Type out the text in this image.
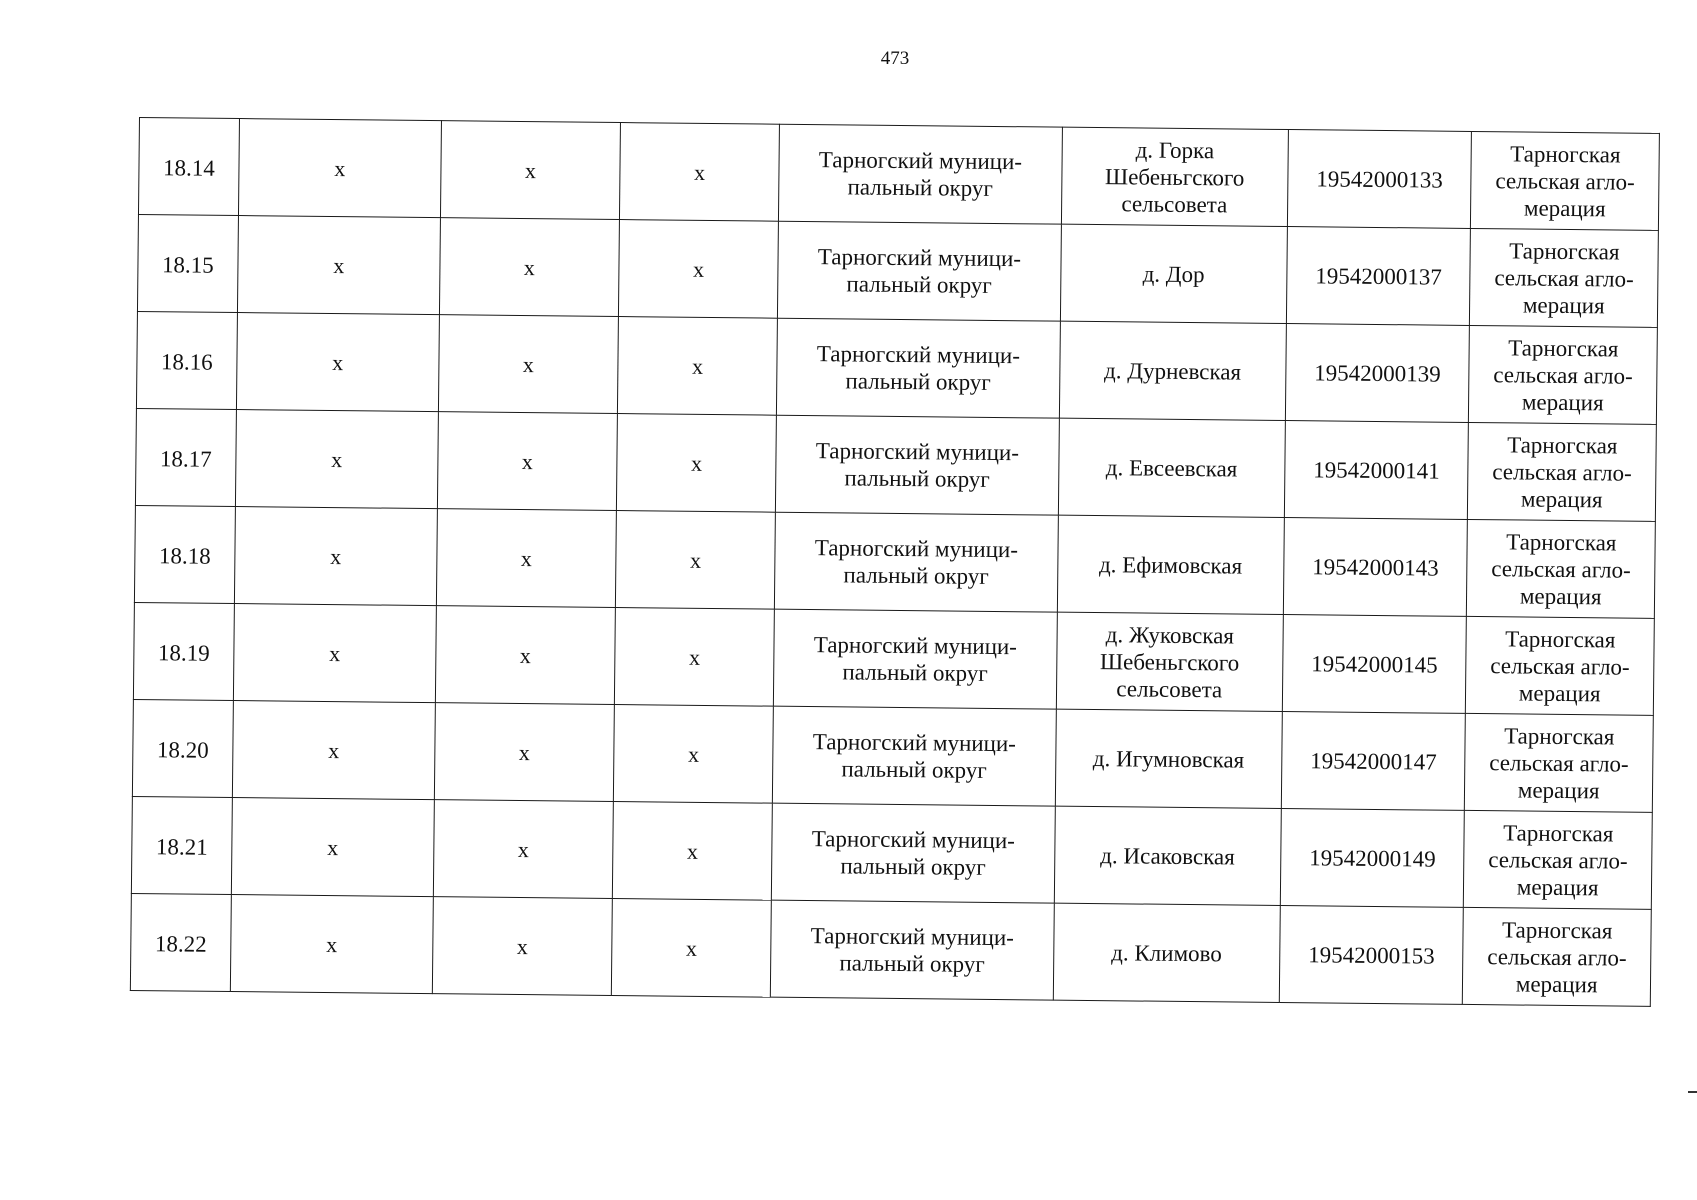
473
18.14	x	x	x	Тарногский муници-пальный округ	д. Горка Шебеньгского сельсовета	19542000133	Тарногская сельская агло-мерация
18.15	x	x	x	Тарногский муници-пальный округ	д. Дор	19542000137	Тарногская сельская агло-мерация
18.16	x	x	x	Тарногский муници-пальный округ	д. Дурневская	19542000139	Тарногская сельская агло-мерация
18.17	x	x	x	Тарногский муници-пальный округ	д. Евсеевская	19542000141	Тарногская сельская агло-мерация
18.18	x	x	x	Тарногский муници-пальный округ	д. Ефимовская	19542000143	Тарногская сельская агло-мерация
18.19	x	x	x	Тарногский муници-пальный округ	д. Жуковская Шебеньгского сельсовета	19542000145	Тарногская сельская агло-мерация
18.20	x	x	x	Тарногский муници-пальный округ	д. Игумновская	19542000147	Тарногская сельская агло-мерация
18.21	x	x	x	Тарногский муници-пальный округ	д. Исаковская	19542000149	Тарногская сельская агло-мерация
18.22	x	x	x	Тарногский муници-пальный округ	д. Климово	19542000153	Тарногская сельская агло-мерация
